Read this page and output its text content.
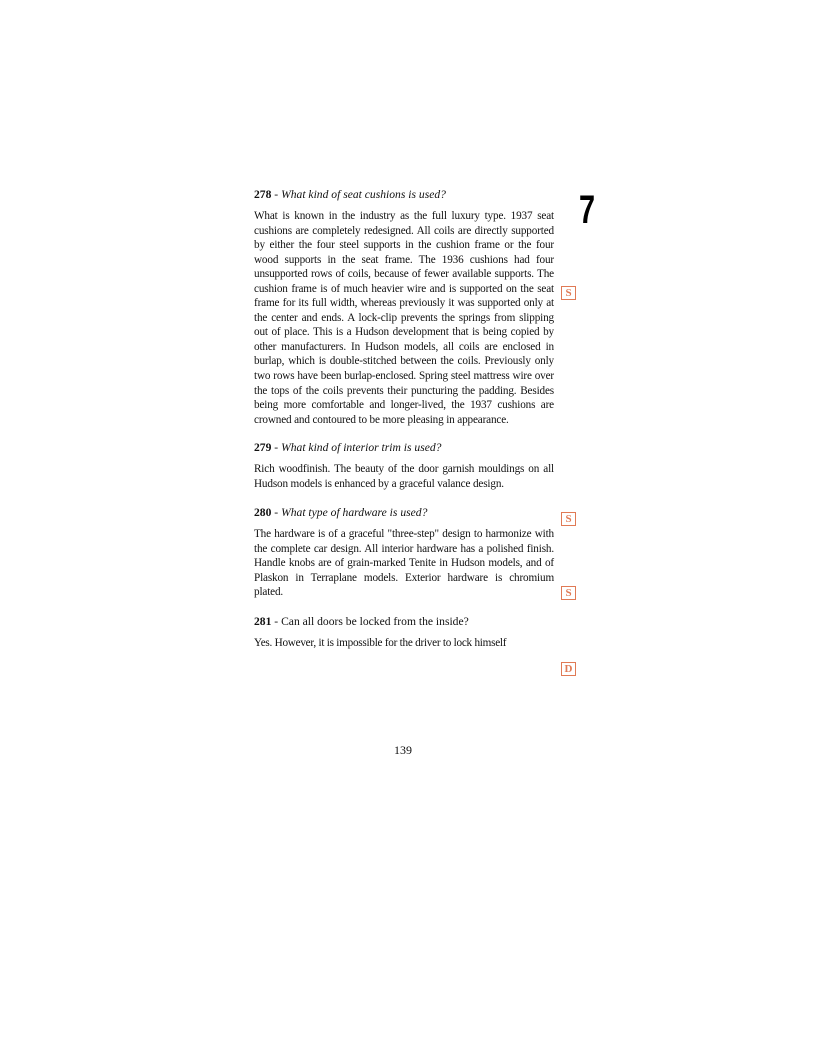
7

278 - What kind of seat cushions is used?

What is known in the industry as the full luxury type. 1937 seat cushions are completely redesigned. All coils are directly supported by either the four steel supports in the cushion frame or the four wood supports in the seat frame. The 1936 cushions had four unsupported rows of coils, because of fewer available supports. The cushion frame is of much heavier wire and is supported on the seat frame for its full width, whereas previously it was supported only at the center and ends. A lock-clip prevents the springs from slipping out of place. This is a Hudson development that is being copied by other manufacturers. In Hudson models, all coils are enclosed in burlap, which is double-stitched between the coils. Previously only two rows have been burlap-enclosed. Spring steel mattress wire over the tops of the coils prevents their puncturing the padding. Besides being more comfortable and longer-lived, the 1937 cushions are crowned and contoured to be more pleasing in appearance.

279 - What kind of interior trim is used?

Rich woodfinish. The beauty of the door garnish mouldings on all Hudson models is enhanced by a graceful valance design.

280 - What type of hardware is used?

The hardware is of a graceful "three-step" design to harmonize with the complete car design. All interior hardware has a polished finish. Handle knobs are of grain-marked Tenite in Hudson models, and of Plaskon in Terraplane models. Exterior hardware is chromium plated.

281 - Can all doors be locked from the inside?

Yes. However, it is impossible for the driver to lock himself

S
S
S
D
139
